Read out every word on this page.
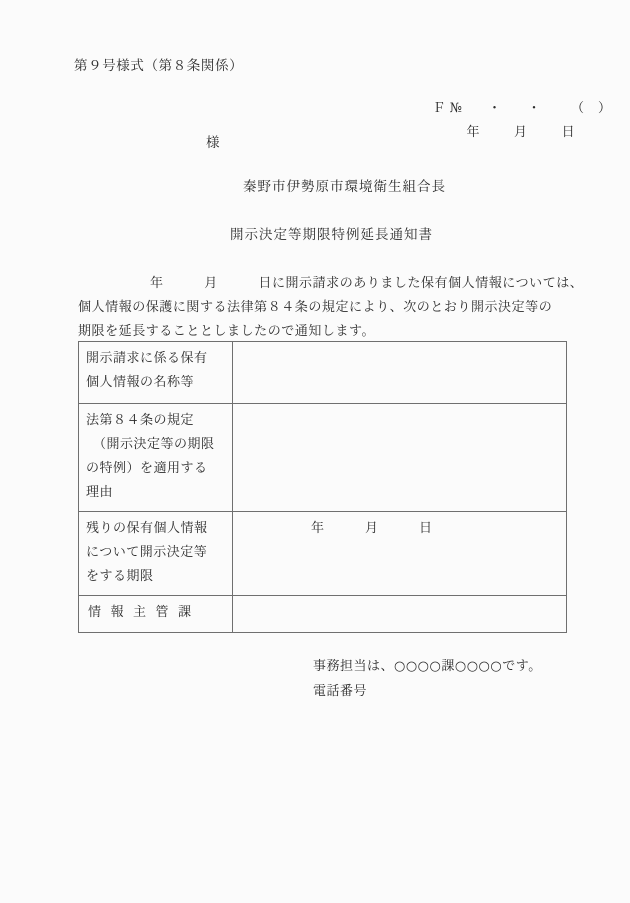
第９号様式（第８条関係）

Ｆ № ・ ・ （　）

年	月	日

様
秦野市伊勢原市環境衛生組合長
開示決定等期限特例延長通知書
年　　　月　　　日に開示請求のありました保有個人情報については、
個人情報の保護に関する法律第８４条の規定により、次のとおり開示決定等の
期限を延長することとしましたので通知します。
開示請求に係る保有
個人情報の名称等	

法第８４条の規定
　（開示決定等の期限
の特例）を適用する
理由	

残りの保有個人情報
について開示決定等
をする期限	年　　　月　　　日

情報主管課	

事務担当は、○○○○課○○○○です。
電話番号
